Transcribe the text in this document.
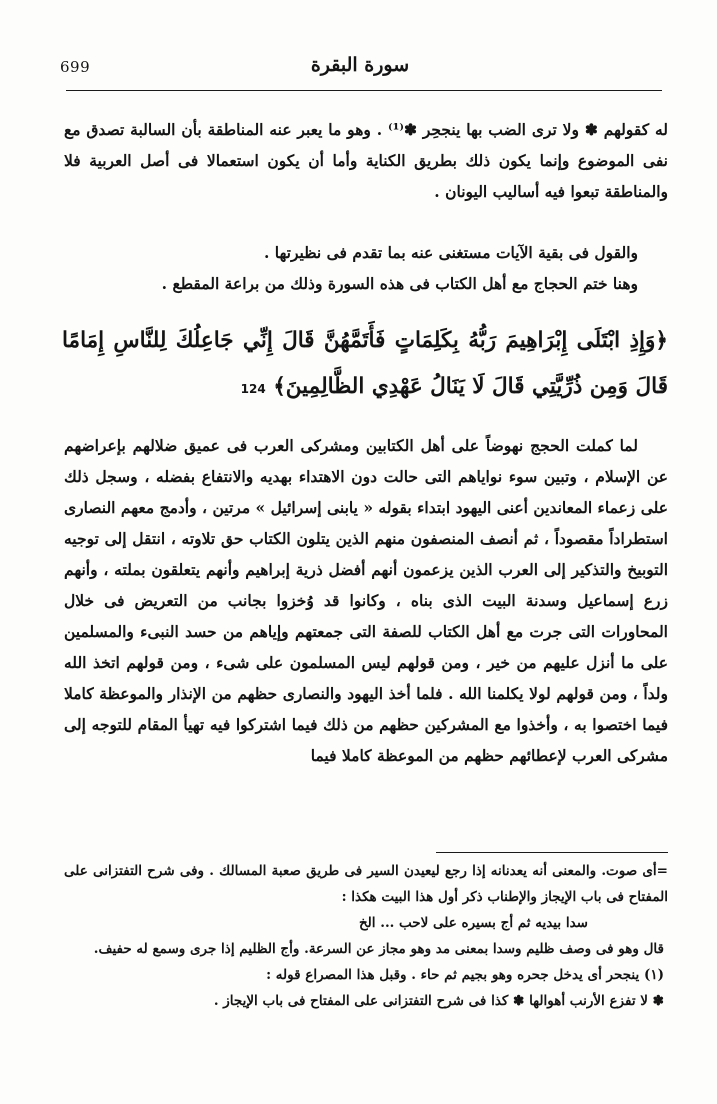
699	سورة البقرة

له كقولهم ✽ ولا ترى الضب بها ينجحِر ✽⁽¹⁾ . وهو ما يعبر عنه المناطقة بأن السالبة تصدق مع نفى الموضوع وإنما يكون ذلك بطريق الكناية وأما أن يكون استعمالا فى أصل العربية فلا والمناطقة تبعوا فيه أساليب اليونان .

والقول فى بقية الآيات مستغنى عنه بما تقدم فى نظيرتها .

وهنا ختم الحجاج مع أهل الكتاب فى هذه السورة وذلك من براعة المقطع .

﴿وَإِذِ ابْتَلَى إِبْرَاهِيمَ رَبُّهُ بِكَلِمَاتٍ فَأَتَمَّهُنَّ قَالَ إِنِّي جَاعِلُكَ لِلنَّاسِ إِمَامًا قَالَ وَمِن ذُرِّيَّتِي قَالَ لَا يَنَالُ عَهْدِي الظَّالِمِينَ﴾ 124

لما كملت الحجج نهوضاً على أهل الكتابين ومشركى العرب فى عميق ضلالهم بإعراضهم عن الإسلام ، وتبين سوء نواياهم التى حالت دون الاهتداء بهديه والانتفاع بفضله ، وسجل ذلك على زعماء المعاندين أعنى اليهود ابتداء بقوله « يابنى إسرائيل » مرتين ، وأدمج معهم النصارى استطراداً مقصوداً ، ثم أنصف المنصفون منهم الذين يتلون الكتاب حق تلاوته ، انتقل إلى توجيه التوبيخ والتذكير إلى العرب الذين يزعمون أنهم أفضل ذرية إبراهيم وأنهم يتعلقون بملته ، وأنهم زرع إسماعيل وسدنة البيت الذى بناه ، وكانوا قد وُخزوا بجانب من التعريض فى خلال المحاورات التى جرت مع أهل الكتاب للصفة التى جمعتهم وإياهم من حسد النبىء والمسلمين على ما أنزل عليهم من خير ، ومن قولهم ليس المسلمون على شىء ، ومن قولهم اتخذ الله ولداً ، ومن قولهم لولا يكلمنا الله . فلما أخذ اليهود والنصارى حظهم من الإنذار والموعظة كاملا فيما اختصوا به ، وأخذوا مع المشركين حظهم من ذلك فيما اشتركوا فيه تهيأ المقام للتوجه إلى مشركى العرب لإعطائهم حظهم من الموعظة كاملا فيما

=أى صوت. والمعنى أنه يعدنانه إذا رجع ليعيدن السير فى طريق صعبة المسالك . وفى شرح التفتزانى على المفتاح فى باب الإيجاز والإطناب ذكر أول هذا البيت هكذا :

سدا بيديه ثم أج بسيره على لاحب ... الخ

قال وهو فى وصف ظليم وسدا بمعنى مد وهو مجاز عن السرعة. وأج الظليم إذا جرى وسمع له حفيف.

(١) ينجحر أى يدخل جحره وهو بجيم ثم حاء . وقبل هذا المصراع قوله :

✽ لا تفزع الأرنب أهوالها ✽ كذا فى شرح التفتزانى على المفتاح فى باب الإيجاز .
